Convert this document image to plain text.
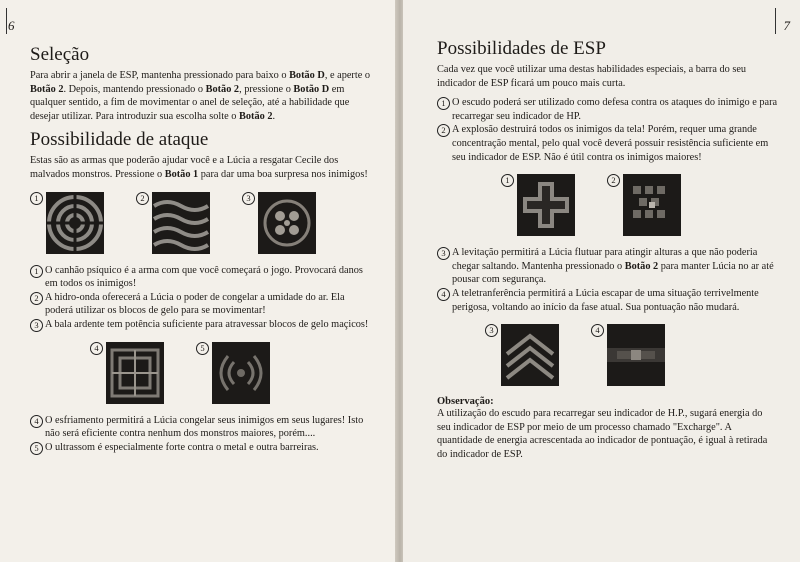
6
Seleção

Para abrir a janela de ESP, mantenha pressionado para baixo o Botão D, e aperte o Botão 2. Depois, mantendo pressionado o Botão 2, pressione o Botão D em qualquer sentido, a fim de movimentar o anel de seleção, até a habilidade que desejar utilizar. Para introduzir sua escolha solte o Botão 2.

Possibilidade de ataque

Estas são as armas que poderão ajudar você e a Lúcia a resgatar Cecile dos malvados monstros. Pressione o Botão 1 para dar uma boa surpresa nos inimigos!

1	2	3
1 O canhão psíquico é a arma com que você começará o jogo. Provocará danos em todos os inimigos!
2 A hidro-onda oferecerá a Lúcia o poder de congelar a umidade do ar. Ela poderá utilizar os blocos de gelo para se movimentar!
3 A bala ardente tem potência suficiente para atravessar blocos de gelo maçicos!
4	5
4 O esfriamento permitirá a Lúcia congelar seus inimigos em seus lugares! Isto não será eficiente contra nenhum dos monstros maiores, porém....
5 O ultrassom é especialmente forte contra o metal e outra barreiras.
7
Possibilidades de ESP

Cada vez que você utilizar uma destas habilidades especiais, a barra do seu indicador de ESP ficará um pouco mais curta.

1 O escudo poderá ser utilizado como defesa contra os ataques do inimigo e para recarregar seu indicador de HP.
2 A explosão destruirá todos os inimigos da tela! Porém, requer uma grande concentração mental, pelo qual você deverá possuir resistência suficiente em seu indicador de ESP. Não é útil contra os inimigos maiores!
1	2
3 A levitação permitirá a Lúcia flutuar para atingir alturas a que não poderia chegar saltando. Mantenha pressionado o Botão 2 para manter Lúcia no ar até pousar com segurança.
4 A teletranferência permitirá a Lúcia escapar de uma situação terrivelmente perigosa, voltando ao início da fase atual. Sua pontuação não mudará.
3	4
Observação:

A utilização do escudo para recarregar seu indicador de H.P., sugará energia do seu indicador de ESP por meio de um processo chamado "Excharge". A quantidade de energia acrescentada ao indicador de pontuação, é igual à retirada do indicador de ESP.
